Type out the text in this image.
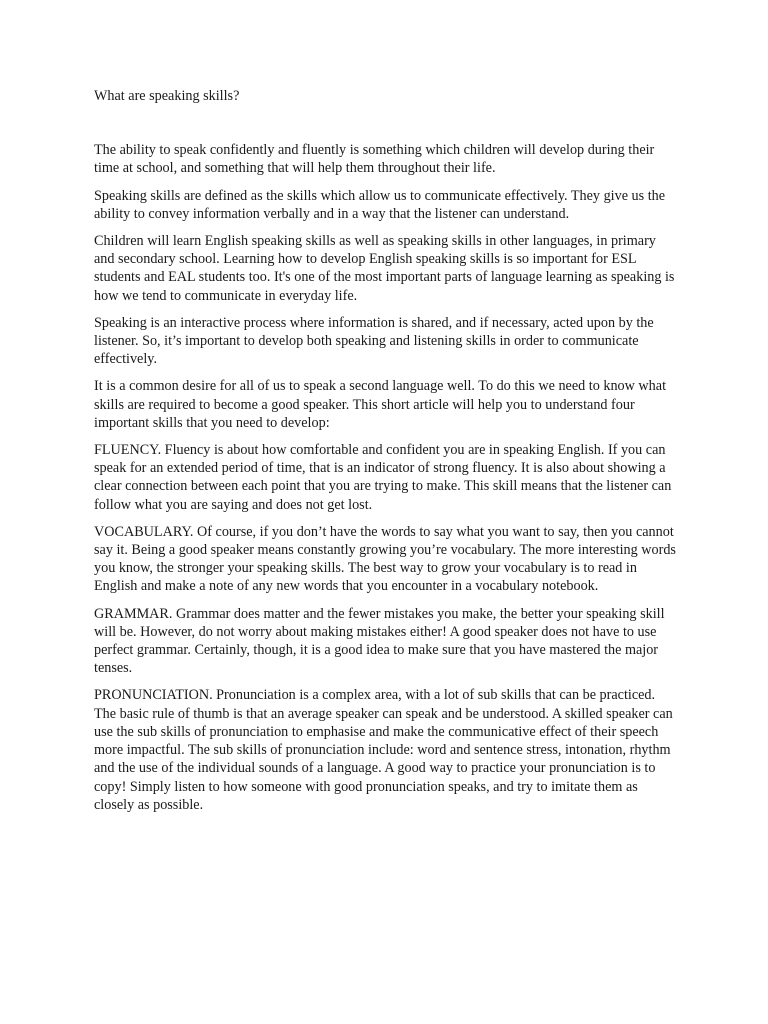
What are speaking skills?

The ability to speak confidently and fluently is something which children will develop during their time at school, and something that will help them throughout their life.

Speaking skills are defined as the skills which allow us to communicate effectively. They give us the ability to convey information verbally and in a way that the listener can understand.

Children will learn English speaking skills as well as speaking skills in other languages, in primary and secondary school. Learning how to develop English speaking skills is so important for ESL students and EAL students too. It's one of the most important parts of language learning as speaking is how we tend to communicate in everyday life.

Speaking is an interactive process where information is shared, and if necessary, acted upon by the listener. So, it’s important to develop both speaking and listening skills in order to communicate effectively.

It is a common desire for all of us to speak a second language well. To do this we need to know what skills are required to become a good speaker. This short article will help you to understand four important skills that you need to develop:

FLUENCY. Fluency is about how comfortable and confident you are in speaking English. If you can speak for an extended period of time, that is an indicator of strong fluency. It is also about showing a clear connection between each point that you are trying to make. This skill means that the listener can follow what you are saying and does not get lost.

VOCABULARY. Of course, if you don’t have the words to say what you want to say, then you cannot say it. Being a good speaker means constantly growing you’re vocabulary. The more interesting words you know, the stronger your speaking skills. The best way to grow your vocabulary is to read in English and make a note of any new words that you encounter in a vocabulary notebook.

GRAMMAR. Grammar does matter and the fewer mistakes you make, the better your speaking skill will be. However, do not worry about making mistakes either! A good speaker does not have to use perfect grammar. Certainly, though, it is a good idea to make sure that you have mastered the major tenses.

PRONUNCIATION. Pronunciation is a complex area, with a lot of sub skills that can be practiced. The basic rule of thumb is that an average speaker can speak and be understood. A skilled speaker can use the sub skills of pronunciation to emphasise and make the communicative effect of their speech more impactful. The sub skills of pronunciation include: word and sentence stress, intonation, rhythm and the use of the individual sounds of a language. A good way to practice your pronunciation is to copy! Simply listen to how someone with good pronunciation speaks, and try to imitate them as closely as possible.
